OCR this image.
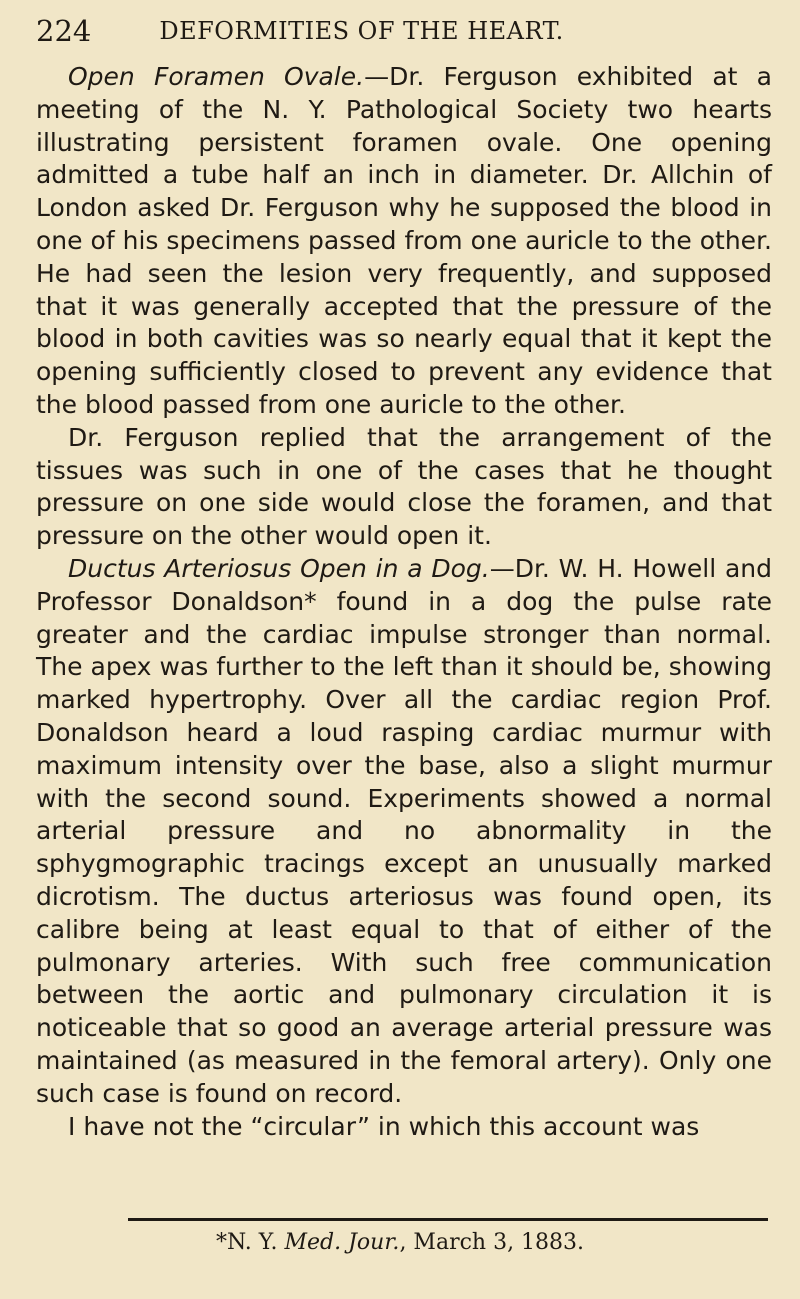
224	DEFORMITIES OF THE HEART.

Open Foramen Ovale.—Dr. Ferguson exhibited at a meeting of the N. Y. Pathological Society two hearts illustrating persistent foramen ovale. One opening admitted a tube half an inch in diameter. Dr. Allchin of London asked Dr. Ferguson why he supposed the blood in one of his specimens passed from one auricle to the other. He had seen the lesion very frequently, and supposed that it was generally accepted that the pressure of the blood in both cavities was so nearly equal that it kept the opening sufficiently closed to prevent any evidence that the blood passed from one auricle to the other.

Dr. Ferguson replied that the arrangement of the tissues was such in one of the cases that he thought pressure on one side would close the foramen, and that pressure on the other would open it.

Ductus Arteriosus Open in a Dog.—Dr. W. H. Howell and Professor Donaldson* found in a dog the pulse rate greater and the cardiac impulse stronger than normal. The apex was further to the left than it should be, showing marked hypertrophy. Over all the cardiac region Prof. Donaldson heard a loud rasping cardiac murmur with maximum intensity over the base, also a slight murmur with the second sound. Experiments showed a normal arterial pressure and no abnormality in the sphygmographic tracings except an unusually marked dicrotism. The ductus arteriosus was found open, its calibre being at least equal to that of either of the pulmonary arteries. With such free communication between the aortic and pulmonary circulation it is noticeable that so good an average arterial pressure was maintained (as measured in the femoral artery). Only one such case is found on record.

I have not the “circular” in which this account was

*N. Y. Med. Jour., March 3, 1883.
